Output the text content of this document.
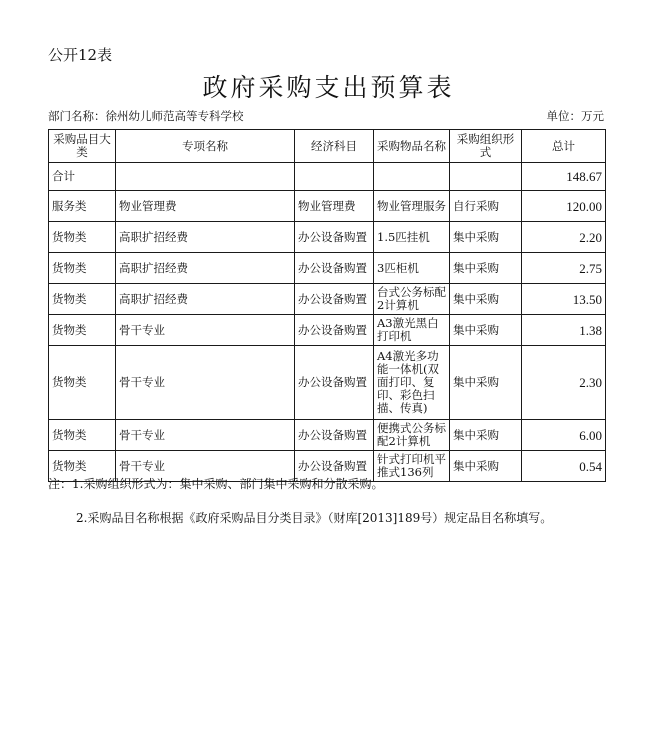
公开12表
政府采购支出预算表
部门名称：徐州幼儿师范高等专科学校	单位：万元
采购品目大类	专项名称	经济科目	采购物品名称	采购组织形式	总计
合计					148.67
服务类	物业管理费	物业管理费	物业管理服务	自行采购	120.00
货物类	高职扩招经费	办公设备购置	1.5匹挂机	集中采购	2.20
货物类	高职扩招经费	办公设备购置	3匹柜机	集中采购	2.75
货物类	高职扩招经费	办公设备购置	台式公务标配2计算机	集中采购	13.50
货物类	骨干专业	办公设备购置	A3激光黑白打印机	集中采购	1.38
货物类	骨干专业	办公设备购置	A4激光多功能一体机(双面打印、复印、彩色扫描、传真)	集中采购	2.30
货物类	骨干专业	办公设备购置	便携式公务标配2计算机	集中采购	6.00
货物类	骨干专业	办公设备购置	针式打印机平推式136列	集中采购	0.54
注：1.采购组织形式为：集中采购、部门集中采购和分散采购。
2.采购品目名称根据《政府采购品目分类目录》（财库[2013]189号）规定品目名称填写。
